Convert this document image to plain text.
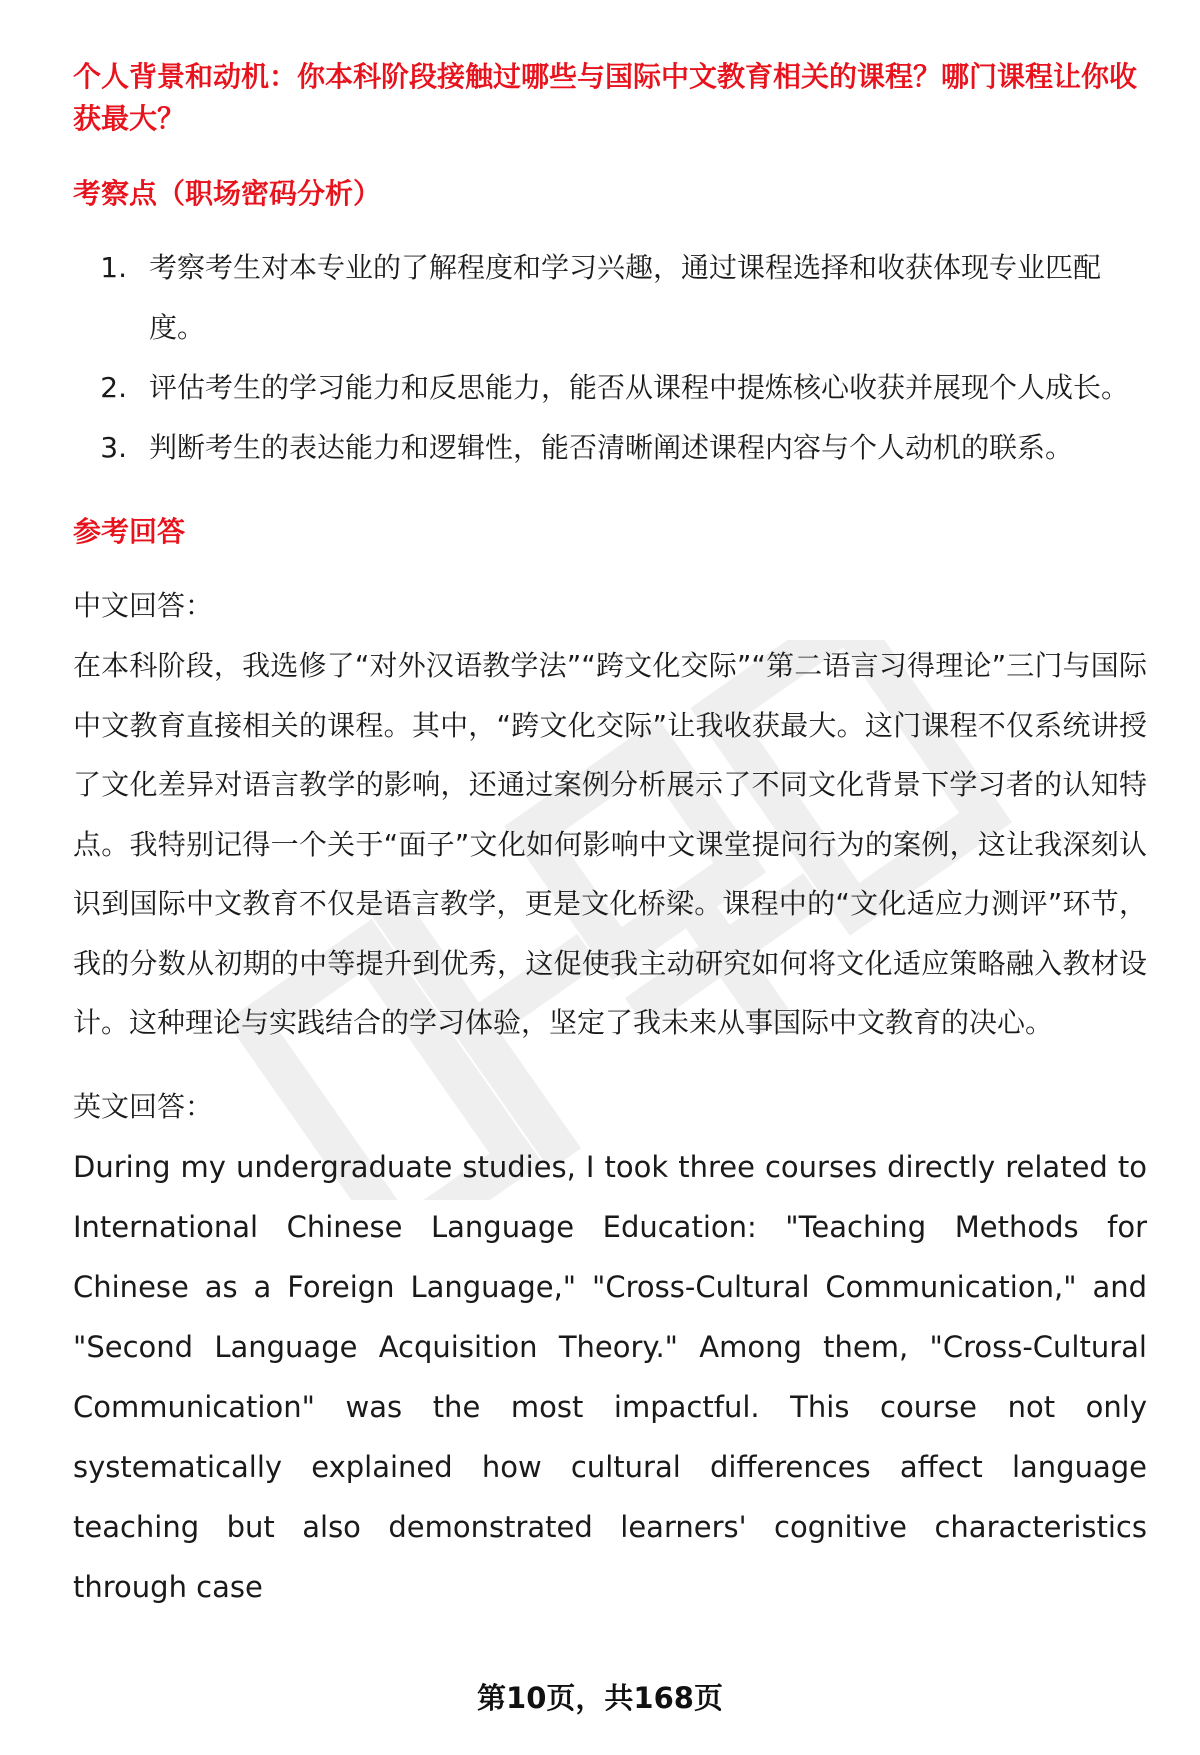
个人背景和动机：你本科阶段接触过哪些与国际中文教育相关的课程？哪门课程让你收获最大？
考察点（职场密码分析）
1. 考察考生对本专业的了解程度和学习兴趣，通过课程选择和收获体现专业匹配度。
2. 评估考生的学习能力和反思能力，能否从课程中提炼核心收获并展现个人成长。
3. 判断考生的表达能力和逻辑性，能否清晰阐述课程内容与个人动机的联系。
参考回答
中文回答：

在本科阶段，我选修了“对外汉语教学法”“跨文化交际”“第二语言习得理论”三门与国际中文教育直接相关的课程。其中，“跨文化交际”让我收获最大。这门课程不仅系统讲授了文化差异对语言教学的影响，还通过案例分析展示了不同文化背景下学习者的认知特点。我特别记得一个关于“面子”文化如何影响中文课堂提问行为的案例，这让我深刻认识到国际中文教育不仅是语言教学，更是文化桥梁。课程中的“文化适应力测评”环节，我的分数从初期的中等提升到优秀，这促使我主动研究如何将文化适应策略融入教材设计。这种理论与实践结合的学习体验，坚定了我未来从事国际中文教育的决心。

英文回答：

During my undergraduate studies, I took three courses directly related to International Chinese Language Education: "Teaching Methods for Chinese as a Foreign Language," "Cross-Cultural Communication," and "Second Language Acquisition Theory." Among them, "Cross-Cultural Communication" was the most impactful. This course not only systematically explained how cultural differences affect language teaching but also demonstrated learners' cognitive characteristics through case

第10页，共168页
